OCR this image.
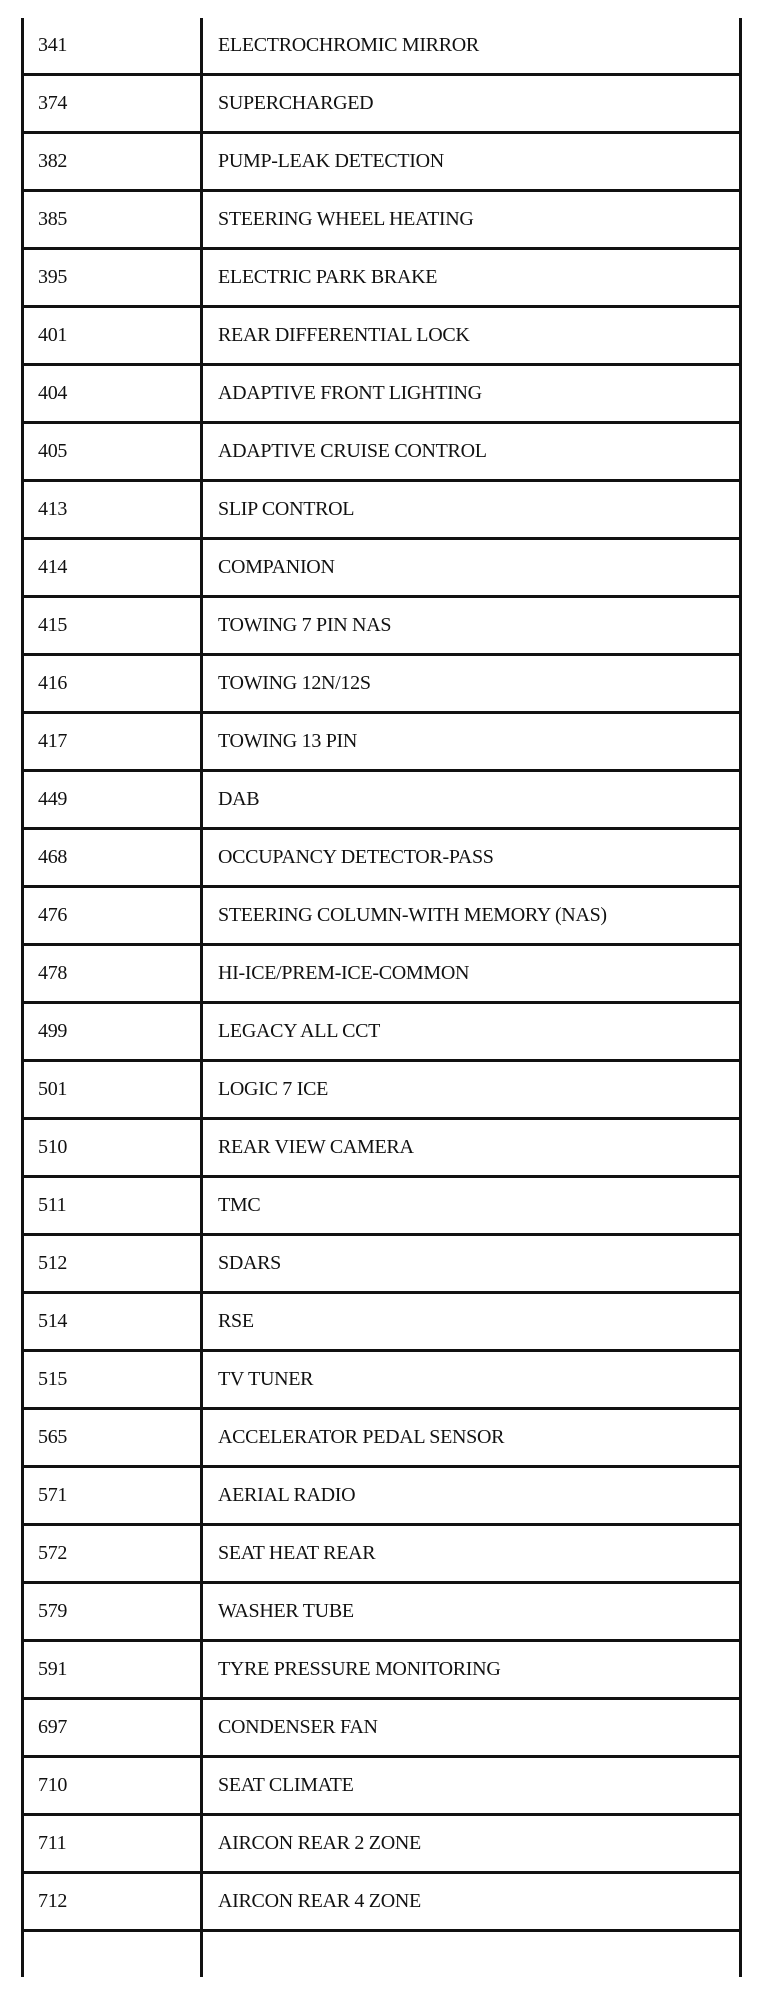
341	ELECTROCHROMIC MIRROR
374	SUPERCHARGED
382	PUMP-LEAK DETECTION
385	STEERING WHEEL HEATING
395	ELECTRIC PARK BRAKE
401	REAR DIFFERENTIAL LOCK
404	ADAPTIVE FRONT LIGHTING
405	ADAPTIVE CRUISE CONTROL
413	SLIP CONTROL
414	COMPANION
415	TOWING 7 PIN NAS
416	TOWING 12N/12S
417	TOWING 13 PIN
449	DAB
468	OCCUPANCY DETECTOR-PASS
476	STEERING COLUMN-WITH MEMORY (NAS)
478	HI-ICE/PREM-ICE-COMMON
499	LEGACY ALL CCT
501	LOGIC 7 ICE
510	REAR VIEW CAMERA
511	TMC
512	SDARS
514	RSE
515	TV TUNER
565	ACCELERATOR PEDAL SENSOR
571	AERIAL RADIO
572	SEAT HEAT REAR
579	WASHER TUBE
591	TYRE PRESSURE MONITORING
697	CONDENSER FAN
710	SEAT CLIMATE
711	AIRCON REAR 2 ZONE
712	AIRCON REAR 4 ZONE
